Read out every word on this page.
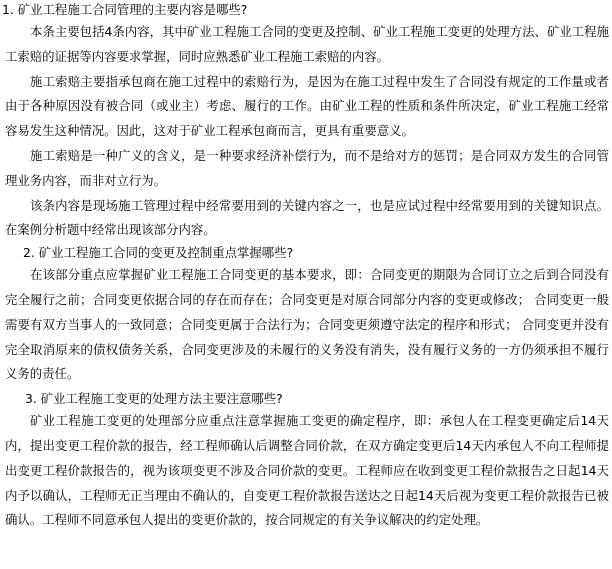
1. 矿业工程施工合同管理的主要内容是哪些?

本条主要包括4条内容，其中矿业工程施工合同的变更及控制、矿业工程施工变更的处理方法、矿业工程施工索赔的证据等内容要求掌握，同时应熟悉矿业工程施工索赔的内容。

施工索赔主要指承包商在施工过程中的索赔行为，是因为在施工过程中发生了合同没有规定的工作量或者由于各种原因没有被合同（或业主）考虑、履行的工作。由矿业工程的性质和条件所决定，矿业工程施工经常容易发生这种情况。因此，这对于矿业工程承包商而言，更具有重要意义。

施工索赔是一种广义的含义，是一种要求经济补偿行为，而不是给对方的惩罚；是合同双方发生的合同管理业务内容，而非对立行为。

该条内容是现场施工管理过程中经常要用到的关键内容之一，也是应试过程中经常要用到的关键知识点。在案例分析题中经常出现该部分内容。

2. 矿业工程施工合同的变更及控制重点掌握哪些?

在该部分重点应掌握矿业工程施工合同变更的基本要求，即：合同变更的期限为合同订立之后到合同没有完全履行之前；合同变更依据合同的存在而存在；合同变更是对原合同部分内容的变更或修改； 合同变更一般需要有双方当事人的一致同意；合同变更属于合法行为；合同变更须遵守法定的程序和形式； 合同变更并没有完全取消原来的债权债务关系，合同变更涉及的未履行的义务没有消失，没有履行义务的一方仍须承担不履行义务的责任。

3. 矿业工程施工变更的处理方法主要注意哪些?

矿业工程施工变更的处理部分应重点注意掌握施工变更的确定程序，即：承包人在工程变更确定后14天内，提出变更工程价款的报告，经工程师确认后调整合同价款，在双方确定变更后14天内承包人不向工程师提出变更工程价款报告的，视为该项变更不涉及合同价款的变更。工程师应在收到变更工程价款报告之日起14天内予以确认，工程师无正当理由不确认的，自变更工程价款报告送达之日起14天后视为变更工程价款报告已被确认。工程师不同意承包人提出的变更价款的，按合同规定的有关争议解决的约定处理。
